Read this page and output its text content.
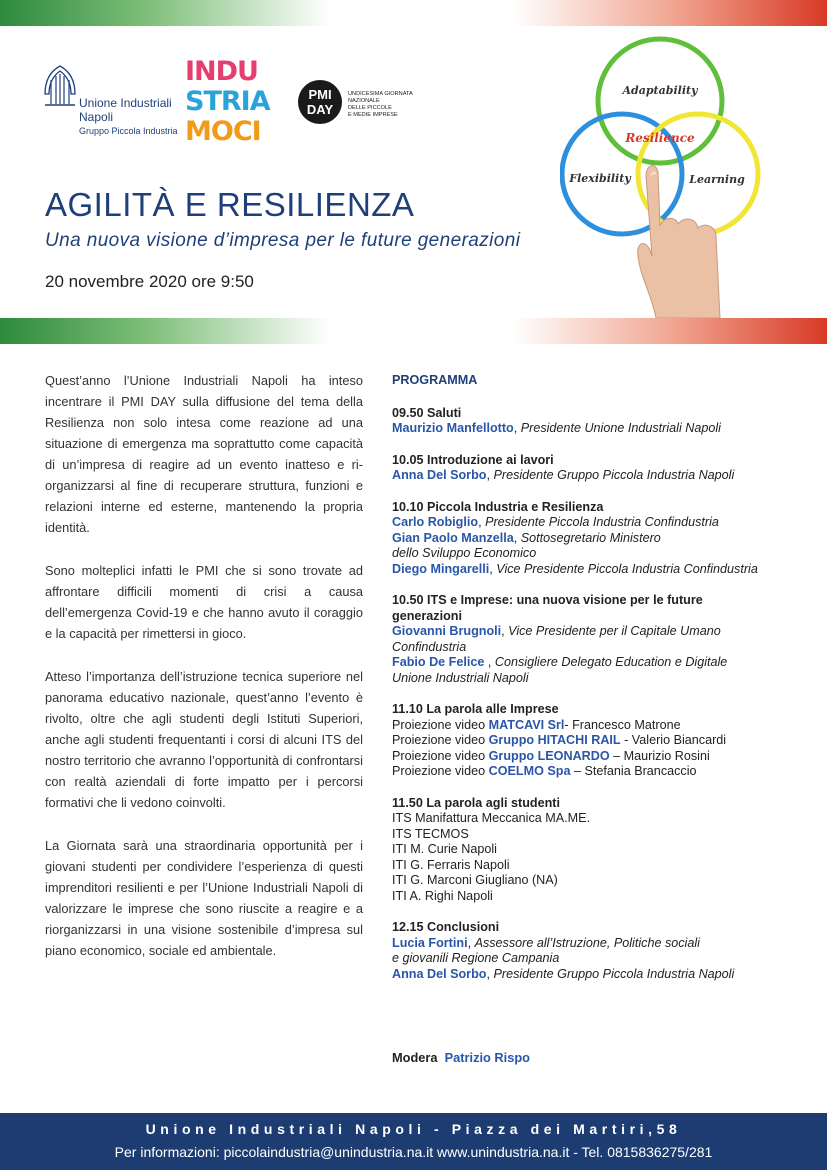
Unione Industriali
Napoli
Gruppo Piccola Industria
INDU
STRIA
MOCI
PMI
DAY
UNDICESIMA GIORNATA
NAZIONALE
DELLE PICCOLE
E MEDIE IMPRESE
Adaptability
Resilience
Flexibility	Learning
AGILITÀ E RESILIENZA
Una nuova visione d’impresa per le future generazioni
20 novembre 2020 ore 9:50

Quest’anno l’Unione Industriali Napoli ha inteso incentrare il PMI DAY sulla diffusione del tema della Resilienza non solo intesa come reazione ad una situazione di emergenza ma soprattutto come capacità di un’impresa di reagire ad un evento inatteso e ri-organizzarsi al fine di recuperare struttura, funzioni e relazioni interne ed esterne, mantenendo la propria identità.

Sono molteplici infatti le PMI che si sono trovate ad affrontare difficili momenti di crisi a causa dell’emergenza Covid-19 e che hanno avuto il coraggio e la capacità per rimettersi in gioco.

Atteso l’importanza dell’istruzione tecnica superiore nel panorama educativo nazionale, quest’anno l’evento è rivolto, oltre che agli studenti degli Istituti Superiori, anche agli studenti frequentanti i corsi di alcuni ITS del nostro territorio che avranno l’opportunità di confrontarsi con realtà aziendali di forte impatto per i percorsi formativi che li vedono coinvolti.

La Giornata sarà una straordinaria opportunità per i giovani studenti per condividere l’esperienza di questi imprenditori resilienti e per l’Unione Industriali Napoli di valorizzare le imprese che sono riuscite a reagire e a riorganizzarsi in una visione sostenibile d’impresa sul piano economico, sociale ed ambientale.

PROGRAMMA
09.50 Saluti
Maurizio Manfellotto, Presidente Unione Industriali Napoli
10.05 Introduzione ai lavori
Anna Del Sorbo, Presidente Gruppo Piccola Industria Napoli
10.10 Piccola Industria e Resilienza
Carlo Robiglio, Presidente Piccola Industria Confindustria
Gian Paolo Manzella, Sottosegretario Ministero
dello Sviluppo Economico
Diego Mingarelli, Vice Presidente Piccola Industria Confindustria
10.50 ITS e Imprese: una nuova visione per le future
generazioni
Giovanni Brugnoli, Vice Presidente per il Capitale Umano
Confindustria
Fabio De Felice , Consigliere Delegato Education e Digitale
Unione Industriali Napoli
11.10 La parola alle Imprese
Proiezione video MATCAVI Srl- Francesco Matrone
Proiezione video Gruppo HITACHI RAIL - Valerio Biancardi
Proiezione video Gruppo LEONARDO – Maurizio Rosini
Proiezione video COELMO Spa – Stefania Brancaccio
11.50 La parola agli studenti
ITS Manifattura Meccanica MA.ME.
ITS TECMOS
ITI M. Curie Napoli
ITI G. Ferraris Napoli
ITI G. Marconi Giugliano (NA)
ITI A. Righi Napoli
12.15 Conclusioni
Lucia Fortini, Assessore all’Istruzione, Politiche sociali
e giovanili Regione Campania
Anna Del Sorbo, Presidente Gruppo Piccola Industria Napoli
Modera Patrizio Rispo
Unione Industriali Napoli - Piazza dei Martiri,58
Per informazioni: piccolaindustria@unindustria.na.it www.unindustria.na.it - Tel. 0815836275/281
